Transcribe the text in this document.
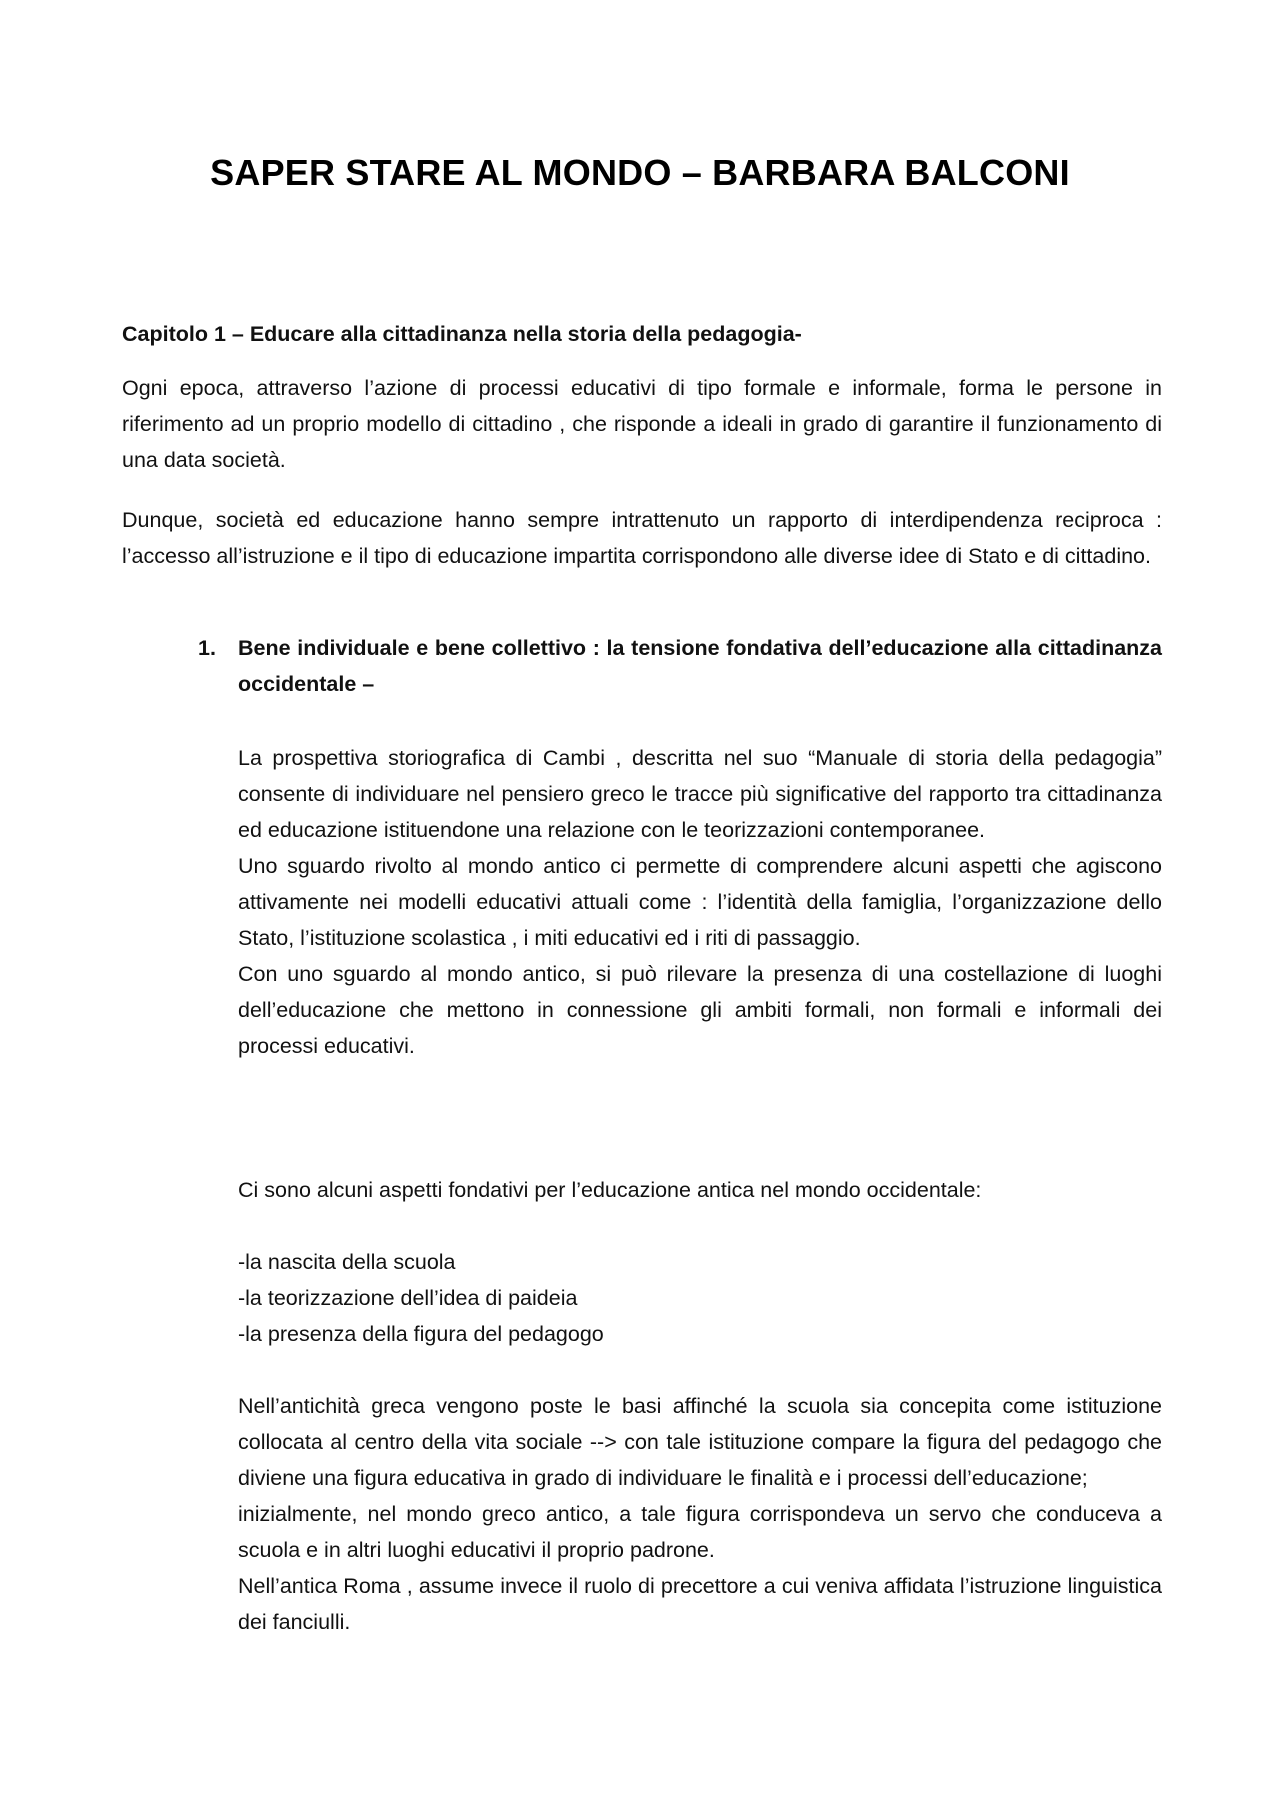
SAPER STARE AL MONDO – BARBARA BALCONI

Capitolo 1 – Educare alla cittadinanza nella storia della pedagogia-

Ogni epoca, attraverso l’azione di processi educativi di tipo formale e informale, forma le persone in riferimento ad un proprio modello di cittadino , che risponde a ideali in grado di garantire il funzionamento di una data società.

Dunque, società ed educazione hanno sempre intrattenuto un rapporto di interdipendenza reciproca : l’accesso all’istruzione e il tipo di educazione impartita corrispondono alle diverse idee di Stato e di cittadino.

1.	Bene individuale e bene collettivo : la tensione fondativa dell’educazione alla cittadinanza occidentale –
La prospettiva storiografica di Cambi , descritta nel suo “Manuale di storia della pedagogia” consente di individuare nel pensiero greco le tracce più significative del rapporto tra cittadinanza ed educazione istituendone una relazione con le teorizzazioni contemporanee.
Uno sguardo rivolto al mondo antico ci permette di comprendere alcuni aspetti che agiscono attivamente nei modelli educativi attuali come : l’identità della famiglia, l’organizzazione dello Stato, l’istituzione scolastica , i miti educativi ed i riti di passaggio.
Con uno sguardo al mondo antico, si può rilevare la presenza di una costellazione di luoghi dell’educazione che mettono in connessione gli ambiti formali, non formali e informali dei processi educativi.

Ci sono alcuni aspetti fondativi per l’educazione antica nel mondo occidentale:

-la nascita della scuola
-la teorizzazione dell’idea di paideia
-la presenza della figura del pedagogo
Nell’antichità greca vengono poste le basi affinché la scuola sia concepita come istituzione collocata al centro della vita sociale --> con tale istituzione compare la figura del pedagogo che diviene una figura educativa in grado di individuare le finalità e i processi dell’educazione;
inizialmente, nel mondo greco antico, a tale figura corrispondeva un servo che conduceva a scuola e in altri luoghi educativi il proprio padrone.
Nell’antica Roma , assume invece il ruolo di precettore a cui veniva affidata l’istruzione linguistica dei fanciulli.
